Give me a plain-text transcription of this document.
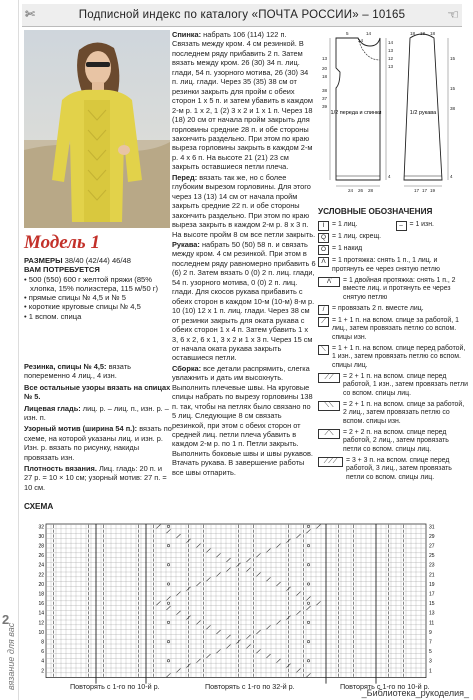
2
вязание для вас
✄	Подписной индекс по каталогу «ПОЧТА РОССИИ» – 10165	☜
Модель 1

РАЗМЕРЫ 38/40 (42/44) 46/48

ВАМ ПОТРЕБУЕТСЯ

• 500 (550) 600 г желтой пряжи (85% хлопка, 15% полиэстера, 115 м/50 г)

• прямые спицы № 4,5 и № 5

• короткие круговые спицы № 4,5

• 1 вспом. спица

Резинка, спицы № 4,5: вязать попеременно 4 лиц., 4 изн.

Все остальные узоры вязать на спицах № 5.

Лицевая гладь: лиц. р. – лиц. п., изн. р. – изн. п.

Узорный мотив (ширина 54 п.): вязать по схеме, на которой указаны лиц. и изн. р. Изн. р. вязать по рисунку, накиды провязать изн.

Плотность вязания. Лиц. гладь: 20 п. и 27 р. = 10 × 10 см; узорный мотив: 27 п. = 10 см.

Спинка: набрать 106 (114) 122 п. Связать между кром. 4 см резинкой. В последнем ряду прибавить 2 п. Затем вязать между кром. 26 (30) 34 п. лиц. глади, 54 п. узорного мотива, 26 (30) 34 п. лиц. глади. Через 35 (35) 38 см от резинки закрыть для пройм с обеих сторон 1 x 5 п. и затем убавить в каждом 2-м р. 1 x 2, 1 (2) 3 x 2 и 1 x 1 п. Через 18 (18) 20 см от начала пройм закрыть для горловины средние 28 п. и обе стороны закончить раздельно. При этом по краю выреза горловины закрыть в каждом 2-м р. 4 x 6 п. На высоте 21 (21) 23 см закрыть оставшиеся петли плеча.

Перед: вязать так же, но с более глубоким вырезом горловины. Для этого через 13 (13) 14 см от начала пройм закрыть средние 22 п. и обе стороны закончить раздельно. При этом по краю выреза закрыть в каждом 2-м р. 8 x 3 п. На высоте пройм 8 см все петли закрыть.

Рукава: набрать 50 (50) 58 п. и связать между кром. 4 см резинкой. При этом в последнем ряду равномерно прибавить 6 (6) 2 п. Затем вязать 0 (0) 2 п. лиц. глади, 54 п. узорного мотива, 0 (0) 2 п. лиц. глади. Для скосов рукава прибавить с обеих сторон в каждом 10-м (10-м) 8-м р. 10 (10) 12 x 1 п. лиц. глади. Через 38 см от резинки закрыть для оката рукава с обеих сторон 1 x 4 п. Затем убавить 1 x 3, 6 x 2, 6 x 1, 3 x 2 и 1 x 3 п. Через 15 см от начала оката рукава закрыть оставшиеся петли.

Сборка: все детали распрямить, слегка увлажнить и дать им высохнуть. Выполнить плечевые швы. На круговые спицы набрать по вырезу горловины 138 п. так, чтобы на петлях было связано по 5 лиц. Следующие 8 см связать резинкой, при этом с обеих сторон от средней лиц. петли плеча убавить в каждом 2-м р. по 1 п. Петли закрыть. Выполнить боковые швы и швы рукавов. Втачать рукава. В завершение работы все швы отпарить.

1/2 переда и спинки	1/2 рукава
5	14
14	14
13
12
13
38
37
39
4
24 26 28
20
18
13
18 18 18
15
38
4
17 17 19
15
УСЛОВНЫЕ ОБОЗНАЧЕНИЯ
I	= 1 лиц.	– = 1 изн.
Q = 1 лиц. скрещ.
O = 1 накид
Λ = 1 протяжка: снять 1 п., 1 лиц. и протянуть ее через снятую петлю
Λ̇	= 1 двойная протяжка: снять 1 п., 2 вместе лиц. и протянуть ее через снятую петлю
/	= провязать 2 п. вместе лиц.
⟋ = 1 + 1 п. на вспом. спице за работой, 1 лиц., затем провязать петлю со вспом. спицы изн.
⟍ = 1 + 1 п. на вспом. спице перед работой, 1 изн., затем провязать петлю со вспом. спицы лиц.
⟋⟋	= 2 + 1 п. на вспом. спице перед работой, 1 изн., затем провязать петли со вспом. спицы лиц.
⟍⟍	= 2 + 1 п. на вспом. спице за работой, 2 лиц., затем провязать петлю со вспом. спицы изн.
⟋⟍	= 2 + 2 п. на вспом. спице перед работой, 2 лиц., затем провязать петли со вспом. спицы лиц.
⟋⟋⟋	= 3 + 3 п. на вспом. спице перед работой, 3 лиц., затем провязать петли со вспом. спицы лиц.
СХЕМА
31
29
27
25
23
21
19
17
15
13
11
9
7
5
3
1
32
30
28
26
24
22
20
18
16
14
12
10
8
6
4
2
Повторять с 1-го по 10-й р.	Повторять с 1-го по 32-й р.	Повторять с 1-го по 10-й р.
_Библиотека_рукоделия_
